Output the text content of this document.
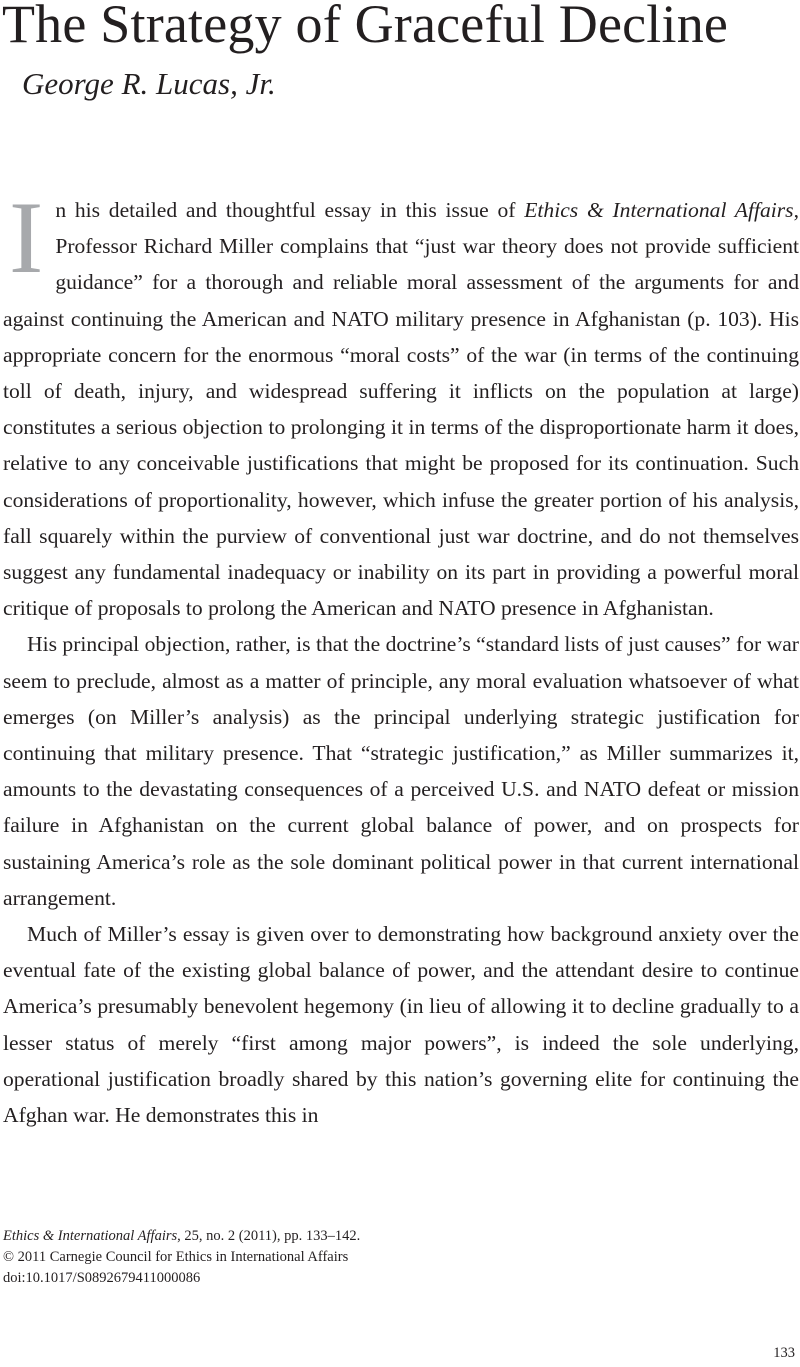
The Strategy of Graceful Decline
George R. Lucas, Jr.

In his detailed and thoughtful essay in this issue of Ethics & International Affairs, Professor Richard Miller complains that “just war theory does not provide sufficient guidance” for a thorough and reliable moral assessment of the arguments for and against continuing the American and NATO military presence in Afghanistan (p. 103). His appropriate concern for the enormous “moral costs” of the war (in terms of the continuing toll of death, injury, and widespread suffering it inflicts on the population at large) constitutes a serious objection to prolonging it in terms of the disproportionate harm it does, relative to any conceivable justifications that might be proposed for its continuation. Such considerations of proportionality, however, which infuse the greater portion of his analysis, fall squarely within the purview of conventional just war doctrine, and do not themselves suggest any fundamental inadequacy or inability on its part in providing a powerful moral critique of proposals to prolong the American and NATO presence in Afghanistan.

His principal objection, rather, is that the doctrine’s “standard lists of just causes” for war seem to preclude, almost as a matter of principle, any moral evaluation whatsoever of what emerges (on Miller’s analysis) as the principal underlying strategic justification for continuing that military presence. That “strategic justification,” as Miller summarizes it, amounts to the devastating consequences of a perceived U.S. and NATO defeat or mission failure in Afghanistan on the current global balance of power, and on prospects for sustaining America’s role as the sole dominant political power in that current international arrangement.

Much of Miller’s essay is given over to demonstrating how background anxiety over the eventual fate of the existing global balance of power, and the attendant desire to continue America’s presumably benevolent hegemony (in lieu of allowing it to decline gradually to a lesser status of merely “first among major powers”, is indeed the sole underlying, operational justification broadly shared by this nation’s governing elite for continuing the Afghan war. He demonstrates this in

Ethics & International Affairs, 25, no. 2 (2011), pp. 133–142.
© 2011 Carnegie Council for Ethics in International Affairs
doi:10.1017/S0892679411000086
133
